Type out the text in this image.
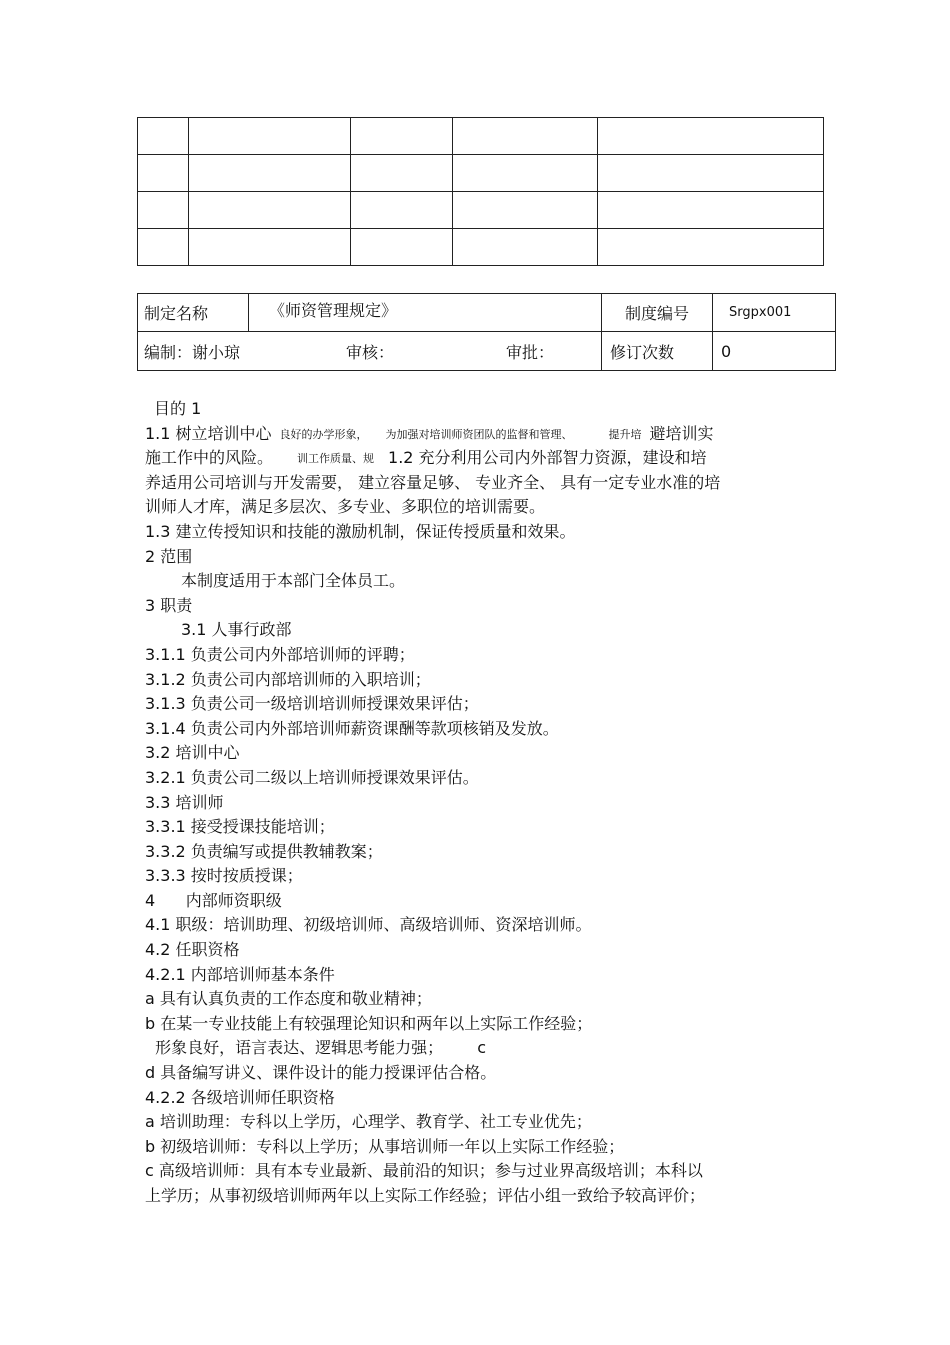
制定名称	《师资管理规定》	制度编号	Srgpx001
编制：谢小琼 审核： 审批：		修订次数	0
目的 1
1.1 树立培训中心 良好的办学形象， 为加强对培训师资团队的监督和管理、	提升培 避培训实
施工作中的风险。 训工作质量、规 1.2 充分利用公司内外部智力资源，建设和培
养适用公司培训与开发需要， 建立容量足够、 专业齐全、 具有一定专业水准的培
训师人才库，满足多层次、多专业、多职位的培训需要。
1.3 建立传授知识和技能的激励机制，保证传授质量和效果。
2 范围
本制度适用于本部门全体员工。
3 职责
3.1 人事行政部
3.1.1 负责公司内外部培训师的评聘；
3.1.2 负责公司内部培训师的入职培训；
3.1.3 负责公司一级培训培训师授课效果评估；
3.1.4 负责公司内外部培训师薪资课酬等款项核销及发放。
3.2 培训中心
3.2.1 负责公司二级以上培训师授课效果评估。
3.3 培训师
3.3.1 接受授课技能培训；
3.3.2 负责编写或提供教辅教案；
3.3.3 按时按质授课；
4      内部师资职级
4.1 职级：培训助理、初级培训师、高级培训师、资深培训师。
4.2 任职资格
4.2.1 内部培训师基本条件
a 具有认真负责的工作态度和敬业精神；
b 在某一专业技能上有较强理论知识和两年以上实际工作经验；
形象良好，语言表达、逻辑思考能力强； c
d 具备编写讲义、课件设计的能力授课评估合格。
4.2.2 各级培训师任职资格
a 培训助理：专科以上学历，心理学、教育学、社工专业优先；
b 初级培训师：专科以上学历；从事培训师一年以上实际工作经验；
c 高级培训师：具有本专业最新、最前沿的知识；参与过业界高级培训；本科以
上学历；从事初级培训师两年以上实际工作经验；评估小组一致给予较高评价；
